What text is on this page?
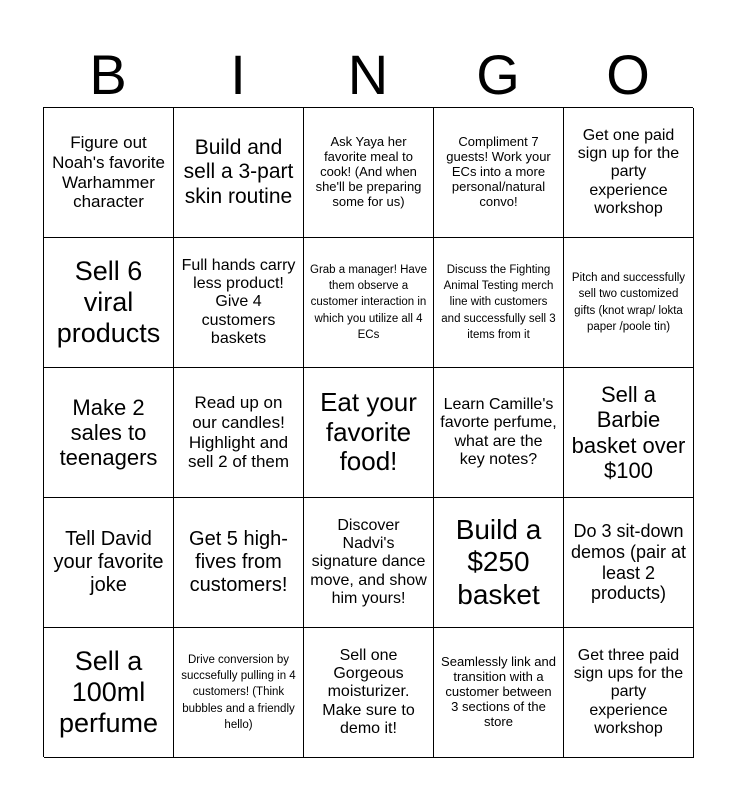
B	I	N	G	O
Figure out Noah's favorite Warhammer character
Build and sell a 3-part skin routine
Ask Yaya her favorite meal to cook! (And when she'll be preparing some for us)
Compliment 7 guests! Work your ECs into a more personal/natural convo!
Get one paid sign up for the party experience workshop
Sell 6 viral products
Full hands carry less product! Give 4 customers baskets
Grab a manager! Have them observe a customer interaction in which you utilize all 4 ECs
Discuss the Fighting Animal Testing merch line with customers and successfully sell 3 items from it
Pitch and successfully sell two customized gifts (knot wrap/ lokta paper /poole tin)
Make 2 sales to teenagers
Read up on our candles! Highlight and sell 2 of them
Eat your favorite food!
Learn Camille's favorte perfume, what are the key notes?
Sell a Barbie basket over $100
Tell David your favorite joke
Get 5 high-fives from customers!
Discover Nadvi's signature dance move, and show him yours!
Build a $250 basket
Do 3 sit-down demos (pair at least 2 products)
Sell a 100ml perfume
Drive conversion by succsefully pulling in 4 customers! (Think bubbles and a friendly hello)
Sell one Gorgeous moisturizer. Make sure to demo it!
Seamlessly link and transition with a customer between 3 sections of the store
Get three paid sign ups for the party experience workshop
